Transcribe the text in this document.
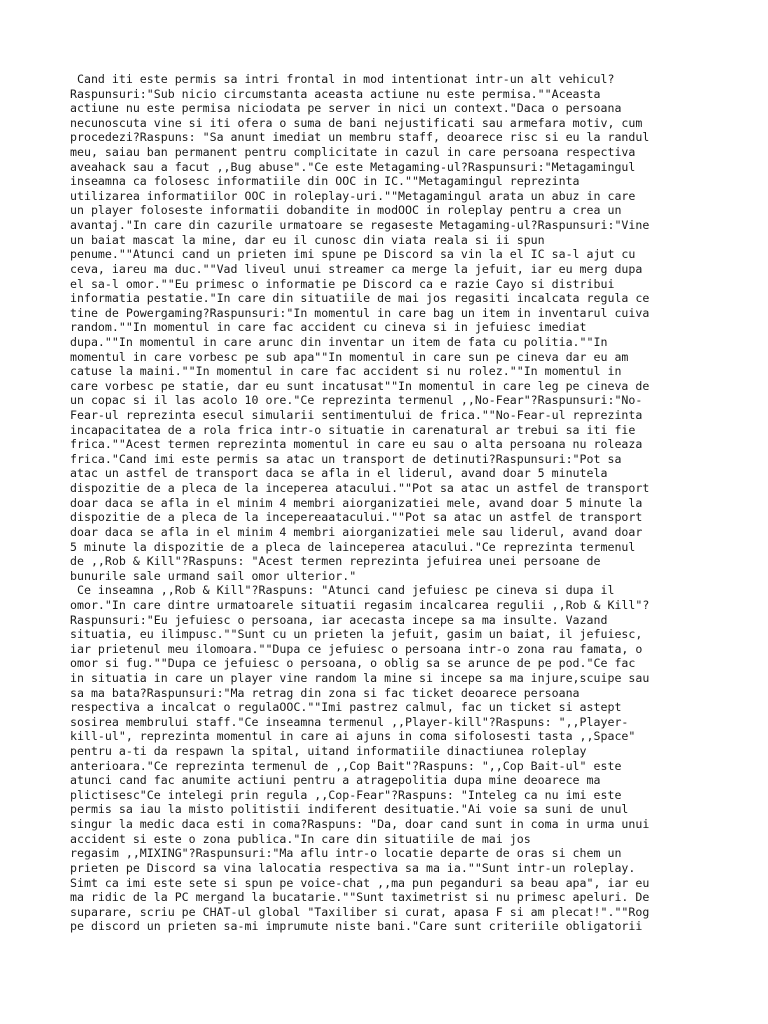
Cand iti este permis sa intri frontal in mod intentionat intr-un alt vehicul?
Raspunsuri:"Sub nicio circumstanta aceasta actiune nu este permisa.""Aceasta
actiune nu este permisa niciodata pe server in nici un context."Daca o persoana
necunoscuta vine si iti ofera o suma de bani nejustificati sau armefara motiv, cum
procedezi?Raspuns: "Sa anunt imediat un membru staff, deoarece risc si eu la randul
meu, saiau ban permanent pentru complicitate in cazul in care persoana respectiva
aveahack sau a facut ,,Bug abuse"."Ce este Metagaming-ul?Raspunsuri:"Metagamingul
inseamna ca folosesc informatiile din OOC in IC.""Metagamingul reprezinta
utilizarea informatiilor OOC in roleplay-uri.""Metagamingul arata un abuz in care
un player foloseste informatii dobandite in modOOC in roleplay pentru a crea un
avantaj."In care din cazurile urmatoare se regaseste Metagaming-ul?Raspunsuri:"Vine
un baiat mascat la mine, dar eu il cunosc din viata reala si ii spun
penume.""Atunci cand un prieten imi spune pe Discord sa vin la el IC sa-l ajut cu
ceva, iareu ma duc.""Vad liveul unui streamer ca merge la jefuit, iar eu merg dupa
el sa-l omor.""Eu primesc o informatie pe Discord ca e razie Cayo si distribui
informatia pestatie."In care din situatiile de mai jos regasiti incalcata regula ce
tine de Powergaming?Raspunsuri:"In momentul in care bag un item in inventarul cuiva
random.""In momentul in care fac accident cu cineva si in jefuiesc imediat
dupa.""In momentul in care arunc din inventar un item de fata cu politia.""In
momentul in care vorbesc pe sub apa""In momentul in care sun pe cineva dar eu am
catuse la maini.""In momentul in care fac accident si nu rolez.""In momentul in
care vorbesc pe statie, dar eu sunt incatusat""In momentul in care leg pe cineva de
un copac si il las acolo 10 ore."Ce reprezinta termenul ,,No-Fear"?Raspunsuri:"No-
Fear-ul reprezinta esecul simularii sentimentului de frica.""No-Fear-ul reprezinta
incapacitatea de a rola frica intr-o situatie in carenatural ar trebui sa iti fie
frica.""Acest termen reprezinta momentul in care eu sau o alta persoana nu roleaza
frica."Cand imi este permis sa atac un transport de detinuti?Raspunsuri:"Pot sa
atac un astfel de transport daca se afla in el liderul, avand doar 5 minutela
dispozitie de a pleca de la inceperea atacului.""Pot sa atac un astfel de transport
doar daca se afla in el minim 4 membri aiorganizatiei mele, avand doar 5 minute la
dispozitie de a pleca de la incepereaatacului.""Pot sa atac un astfel de transport
doar daca se afla in el minim 4 membri aiorganizatiei mele sau liderul, avand doar
5 minute la dispozitie de a pleca de lainceperea atacului."Ce reprezinta termenul
de ,,Rob & Kill"?Raspuns: "Acest termen reprezinta jefuirea unei persoane de
bunurile sale urmand sail omor ulterior."
Ce inseamna ,,Rob & Kill"?Raspuns: "Atunci cand jefuiesc pe cineva si dupa il
omor."In care dintre urmatoarele situatii regasim incalcarea regulii ,,Rob & Kill"?
Raspunsuri:"Eu jefuiesc o persoana, iar acecasta incepe sa ma insulte. Vazand
situatia, eu ilimpusc.""Sunt cu un prieten la jefuit, gasim un baiat, il jefuiesc,
iar prietenul meu ilomoara.""Dupa ce jefuiesc o persoana intr-o zona rau famata, o
omor si fug.""Dupa ce jefuiesc o persoana, o oblig sa se arunce de pe pod."Ce fac
in situatia in care un player vine random la mine si incepe sa ma injure,scuipe sau
sa ma bata?Raspunsuri:"Ma retrag din zona si fac ticket deoarece persoana
respectiva a incalcat o regulaOOC.""Imi pastrez calmul, fac un ticket si astept
sosirea membrului staff."Ce inseamna termenul ,,Player-kill"?Raspuns: ",,Player-
kill-ul", reprezinta momentul in care ai ajuns in coma sifolosesti tasta ,,Space"
pentru a-ti da respawn la spital, uitand informatiile dinactiunea roleplay
anterioara."Ce reprezinta termenul de ,,Cop Bait"?Raspuns: ",,Cop Bait-ul" este
atunci cand fac anumite actiuni pentru a atragepolitia dupa mine deoarece ma
plictisesc"Ce intelegi prin regula ,,Cop-Fear"?Raspuns: "Inteleg ca nu imi este
permis sa iau la misto politistii indiferent desituatie."Ai voie sa suni de unul
singur la medic daca esti in coma?Raspuns: "Da, doar cand sunt in coma in urma unui
accident si este o zona publica."In care din situatiile de mai jos
regasim ,,MIXING"?Raspunsuri:"Ma aflu intr-o locatie departe de oras si chem un
prieten pe Discord sa vina lalocatia respectiva sa ma ia.""Sunt intr-un roleplay.
Simt ca imi este sete si spun pe voice-chat ,,ma pun peganduri sa beau apa", iar eu
ma ridic de la PC mergand la bucatarie.""Sunt taximetrist si nu primesc apeluri. De
suparare, scriu pe CHAT-ul global "Taxiliber si curat, apasa F si am plecat!".""Rog
pe discord un prieten sa-mi imprumute niste bani."Care sunt criteriile obligatorii
